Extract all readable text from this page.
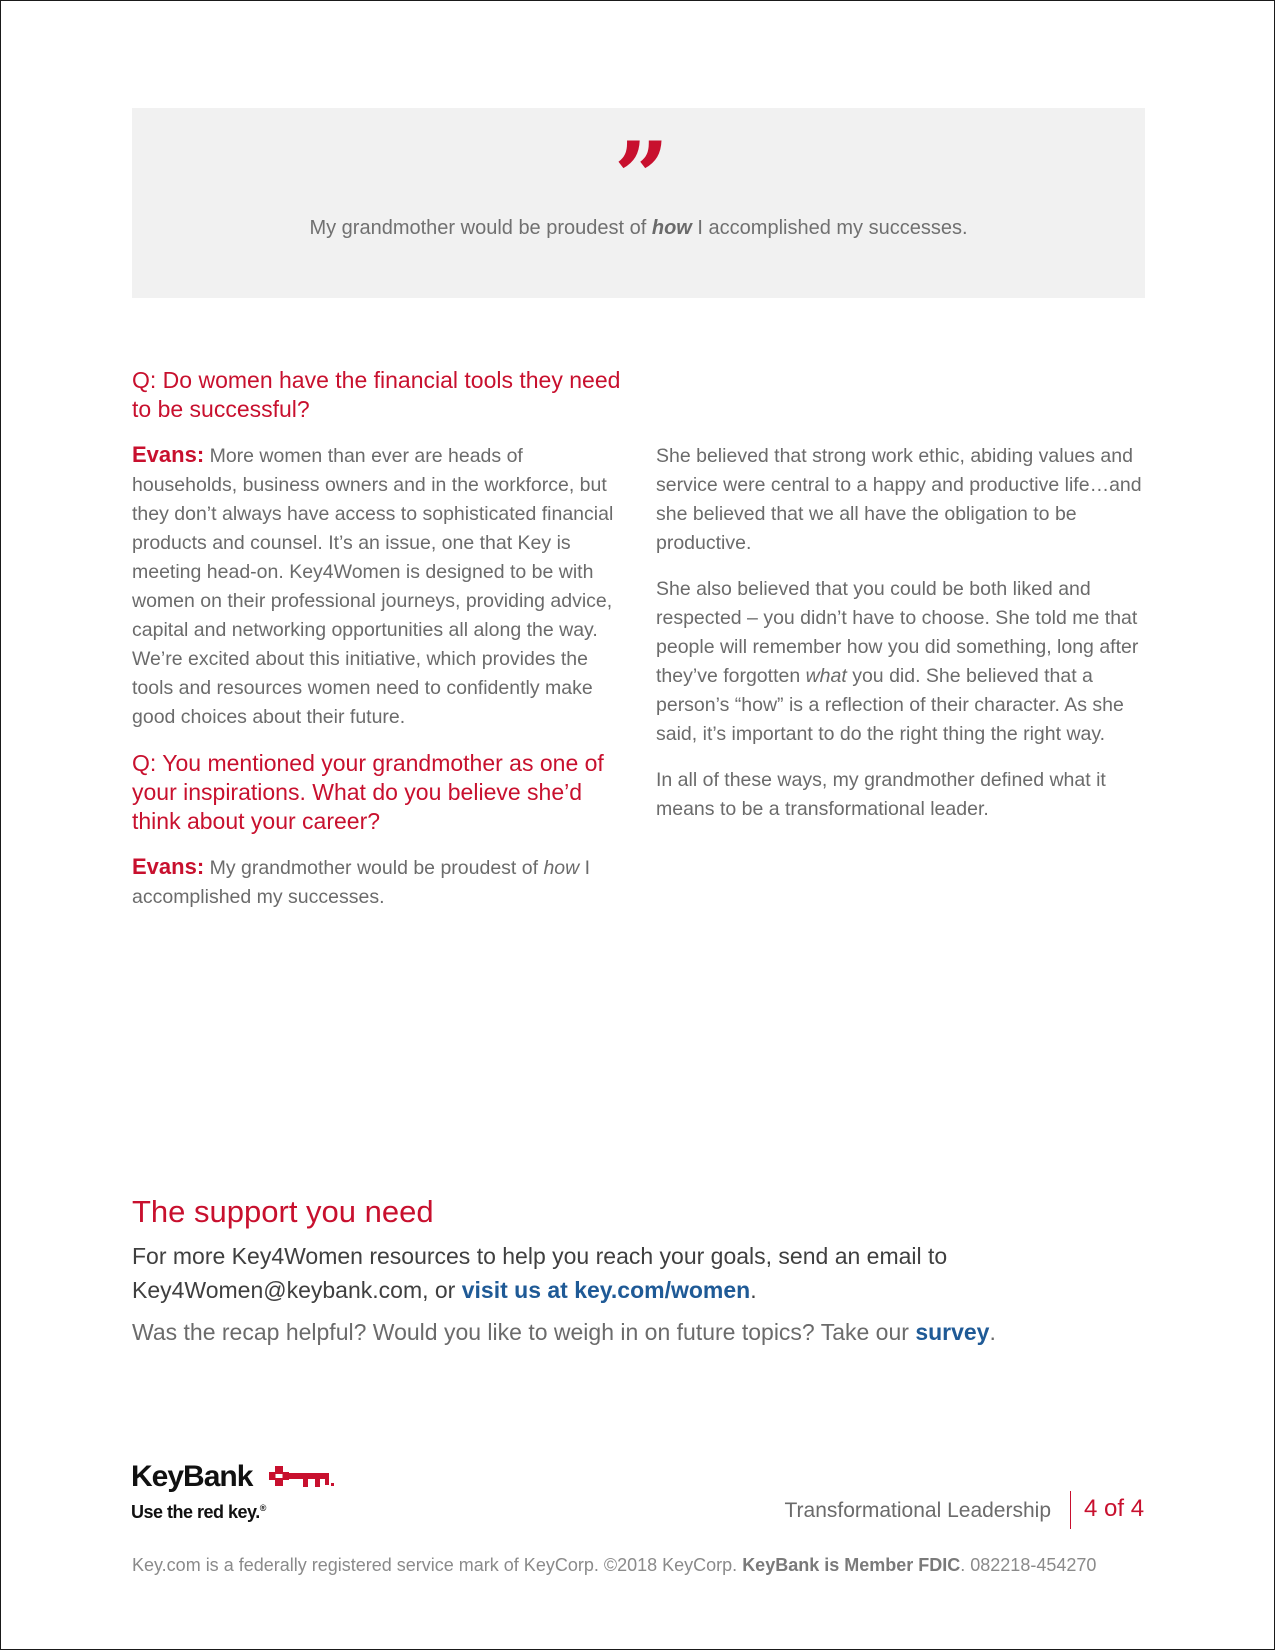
”
My grandmother would be proudest of how I accomplished my successes.

Q: Do women have the financial tools they need to be successful?

Evans: More women than ever are heads of households, business owners and in the workforce, but they don’t always have access to sophisticated financial products and counsel. It’s an issue, one that Key is meeting head-on. Key4Women is designed to be with women on their professional journeys, providing advice, capital and networking opportunities all along the way. We’re excited about this initiative, which provides the tools and resources women need to confidently make good choices about their future.

Q: You mentioned your grandmother as one of your inspirations. What do you believe she’d think about your career?

Evans: My grandmother would be proudest of how I accomplished my successes.

She believed that strong work ethic, abiding values and service were central to a happy and productive life…and she believed that we all have the obligation to be productive.

She also believed that you could be both liked and respected – you didn’t have to choose. She told me that people will remember how you did something, long after they’ve forgotten what you did. She believed that a person’s “how” is a reflection of their character. As she said, it’s important to do the right thing the right way.

In all of these ways, my grandmother defined what it means to be a transformational leader.

The support you need

For more Key4Women resources to help you reach your goals, send an email to Key4Women@keybank.com, or visit us at key.com/women.

Was the recap helpful? Would you like to weigh in on future topics? Take our survey.

KeyBank
Use the red key.®	Transformational Leadership 4 of 4
Key.com is a federally registered service mark of KeyCorp. ©2018 KeyCorp. KeyBank is Member FDIC. 082218-454270
